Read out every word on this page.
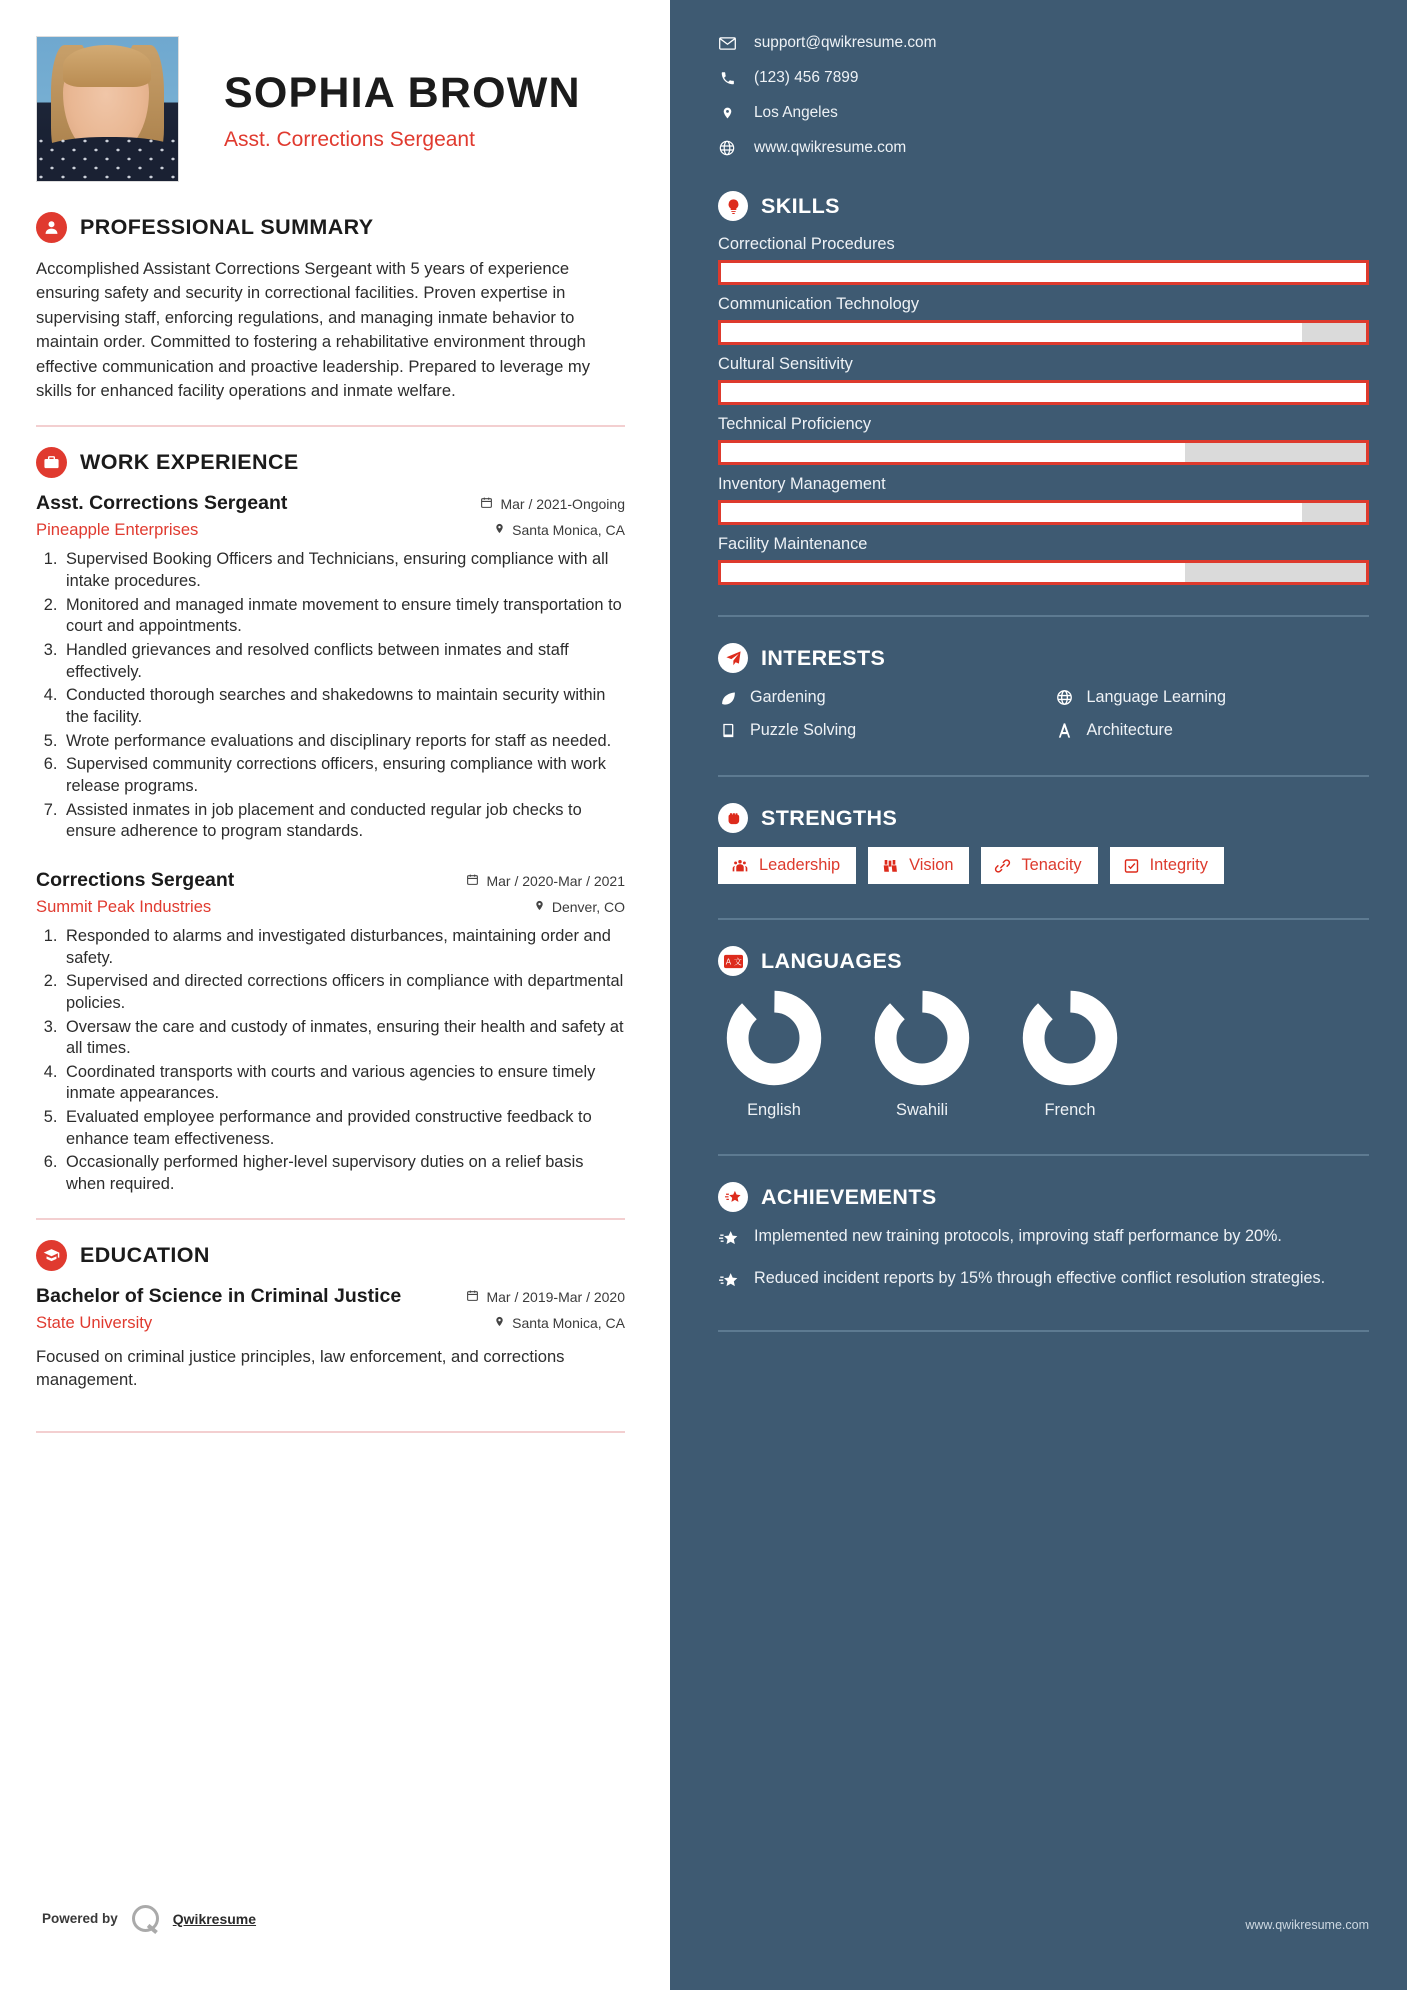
SOPHIA BROWN
Asst. Corrections Sergeant
PROFESSIONAL SUMMARY

Accomplished Assistant Corrections Sergeant with 5 years of experience ensuring safety and security in correctional facilities. Proven expertise in supervising staff, enforcing regulations, and managing inmate behavior to maintain order. Committed to fostering a rehabilitative environment through effective communication and proactive leadership. Prepared to leverage my skills for enhanced facility operations and inmate welfare.

WORK EXPERIENCE
Asst. Corrections Sergeant	Mar / 2021-Ongoing
Pineapple Enterprises	Santa Monica, CA
1. Supervised Booking Officers and Technicians, ensuring compliance with all intake procedures.
2. Monitored and managed inmate movement to ensure timely transportation to court and appointments.
3. Handled grievances and resolved conflicts between inmates and staff effectively.
4. Conducted thorough searches and shakedowns to maintain security within the facility.
5. Wrote performance evaluations and disciplinary reports for staff as needed.
6. Supervised community corrections officers, ensuring compliance with work release programs.
7. Assisted inmates in job placement and conducted regular job checks to ensure adherence to program standards.
Corrections Sergeant	Mar / 2020-Mar / 2021
Summit Peak Industries	Denver, CO
1. Responded to alarms and investigated disturbances, maintaining order and safety.
2. Supervised and directed corrections officers in compliance with departmental policies.
3. Oversaw the care and custody of inmates, ensuring their health and safety at all times.
4. Coordinated transports with courts and various agencies to ensure timely inmate appearances.
5. Evaluated employee performance and provided constructive feedback to enhance team effectiveness.
6. Occasionally performed higher-level supervisory duties on a relief basis when required.
EDUCATION
Bachelor of Science in Criminal Justice	Mar / 2019-Mar / 2020
State University	Santa Monica, CA

Focused on criminal justice principles, law enforcement, and corrections management.

Powered by	Qwikresume
support@qwikresume.com
(123) 456 7899
Los Angeles
www.qwikresume.com
SKILLS
Correctional Procedures
Communication Technology
Cultural Sensitivity
Technical Proficiency
Inventory Management
Facility Maintenance
INTERESTS
Gardening	Language Learning
Puzzle Solving	Architecture
STRENGTHS
Leadership	Vision	Tenacity	Integrity
A 文 LANGUAGES
English	Swahili	French
ACHIEVEMENTS
Implemented new training protocols, improving staff performance by 20%.
Reduced incident reports by 15% through effective conflict resolution strategies.
www.qwikresume.com
